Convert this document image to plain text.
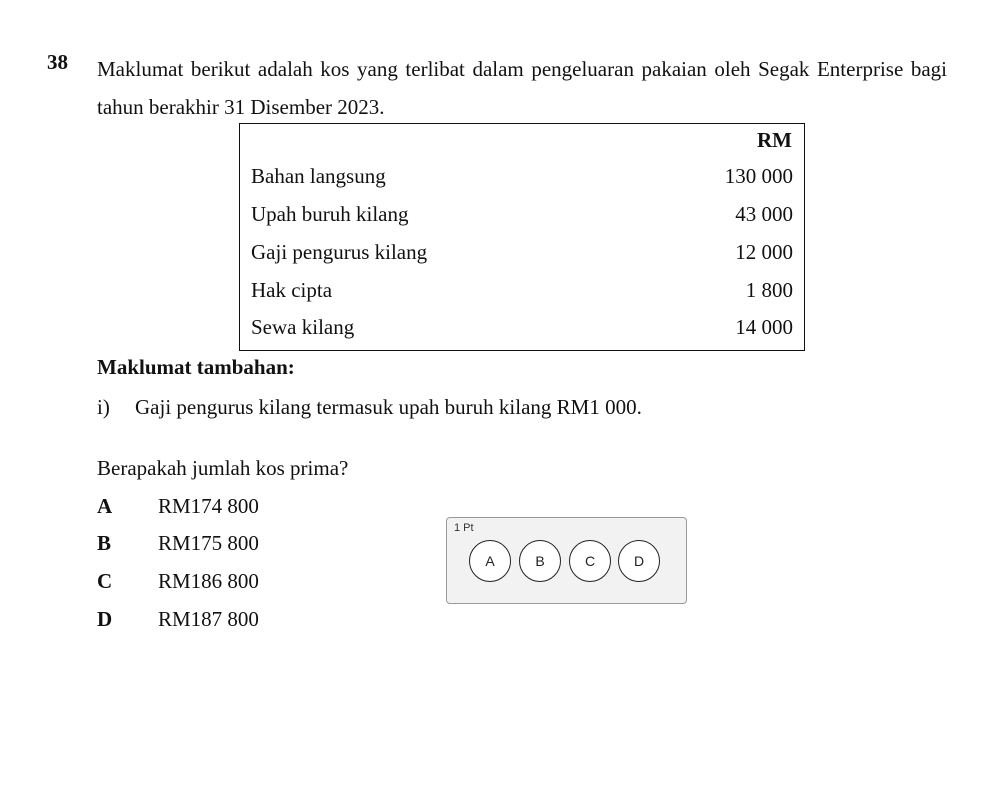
38 Maklumat berikut adalah kos yang terlibat dalam pengeluaran pakaian oleh Segak Enterprise bagi tahun berakhir 31 Disember 2023.
RM
Bahan langsung	130 000
Upah buruh kilang	43 000
Gaji pengurus kilang	12 000
Hak cipta	1 800
Sewa kilang	14 000
Maklumat tambahan:
i) Gaji pengurus kilang termasuk upah buruh kilang RM1 000.
Berapakah jumlah kos prima?
A RM174 800
B RM175 800
C RM186 800
D RM187 800
1 Pt
A	B	C	D
